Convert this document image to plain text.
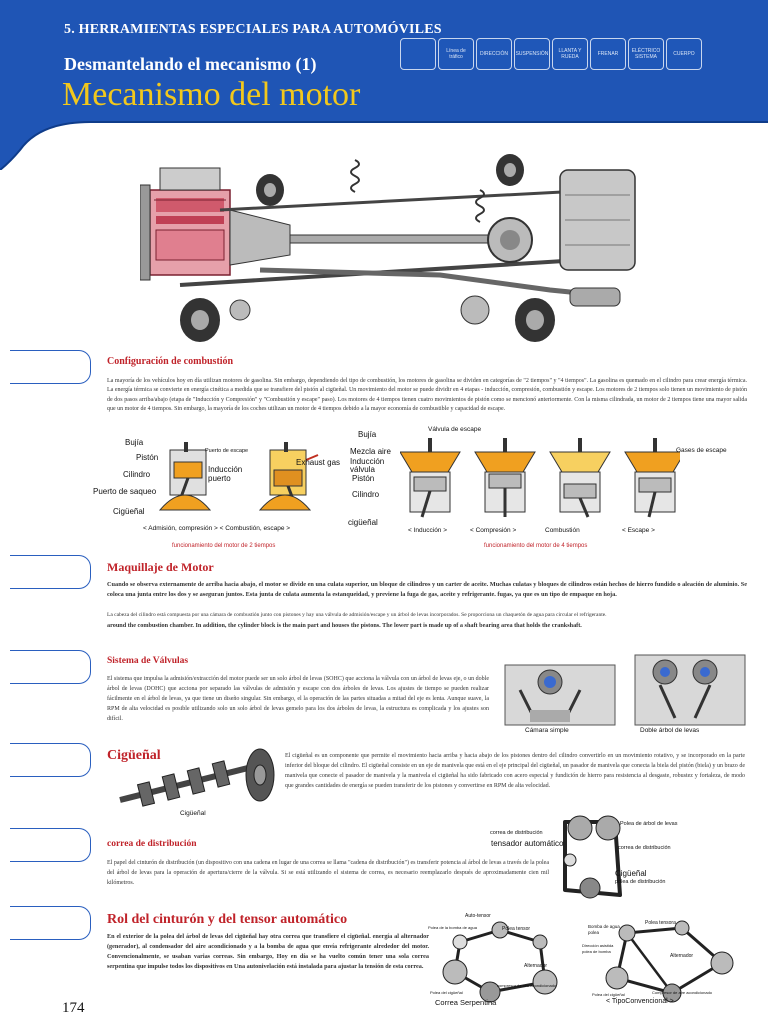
5. HERRAMIENTAS ESPECIALES PARA AUTOMÓVILES
Desmantelando el mecanismo (1)
Mecanismo del motor
Línea de tráfico	DIRECCIÓN	SUSPENSIÓN	LLANTA Y RUEDA	FRENAR	ELÉCTRICO SISTEMA	CUERPO
Configuración de combustión
La mayoría de los vehículos hoy en día utilizan motores de gasolina. Sin embargo, dependiendo del tipo de combustión, los motores de gasolina se dividen en categorías de "2 tiempos" y "4 tiempos". La gasolina es quemado en el cilindro para crear energía térmica. La energía térmica se convierte en energía cinética a medida que se transfiere del pistón al cigüeñal. Un movimiento del motor se puede dividir en 4 etapas - inducción, compresión, combustión y escape. Los motores de 2 tiempos solo tienen un movimiento de pistón de dos pasos arriba/abajo (etapa de "Inducción y Compresión" y "Combustión y escape" paso). Los motores de 4 tiempos tienen cuatro movimientos de pistón como se mencionó anteriormente. Con la misma cilindrada, un motor de 2 tiempos tiene una mayor salida que un motor de 4 tiempos. Sin embargo, la mayoría de los coches utilizan un motor de 4 tiempos debido a la mayor economía de combustible y capacidad de escape.
Bujía
Pistón
Puerto de escape
Exhaust gas
Inducción puerto
Cilindro
Puerto de saqueo
Cigüeñal
< Admisión, compresión > < Combustión, escape >
funcionamiento del motor de 2 tiempos
Bujía
Válvula de escape
Mezcla aire
Inducción válvula
Pistón
Cilindro
cigüeñal
Gases de escape
< Inducción >	< Compresión >	Combustión	< Escape >
funcionamiento del motor de 4 tiempos
Maquillaje de Motor
Cuando se observa externamente de arriba hacia abajo, el motor se divide en una culata superior, un bloque de cilindros y un carter de aceite. Muchas culatas y bloques de cilindros están hechos de hierro fundido o aleación de aluminio. Se coloca una junta entre los dos y se aseguran juntos. Esta junta de culata aumenta la estanqueidad, y previene la fuga de gas, aceite y refrigerante. fugas, ya que es un tipo de empaque en hoja.
La cabeza del cilindro está compuesta por una cámara de combustión junto con pistones y hay una válvula de admisión/escape y un árbol de levas incorporados. Se proporciona un chaquetón de agua para circular el refrigerante.
around the combustion chamber. In addition, the cylinder block is the main part and houses the pistons. The lower part is made up of a shaft bearing area that holds the crankshaft.
Sistema de Válvulas
El sistema que impulsa la admisión/extracción del motor puede ser un solo árbol de levas (SOHC) que acciona la válvula con un árbol de levas eje, o un doble árbol de levas (DOHC) que acciona por separado las válvulas de admisión y escape con dos árboles de levas. Los ajustes de tiempo se pueden realizar fácilmente en el árbol de levas, ya que tiene un diseño singular. Sin embargo, el la operación de las partes situadas a mitad del eje es lenta. Aunque suave, la RPM de alta velocidad es posible utilizando solo un solo árbol de levas gemelo para los dos árboles de levas, la estructura es complicada y los ajustes son difícil.
Cámara simple	Doble árbol de levas
Cigüeñal
Cigüeñal
El cigüeñal es un componente que permite el movimiento hacia arriba y hacia abajo de los pistones dentro del cilindro convertirlo en un movimiento rotativo, y se incorporado en la parte inferior del bloque del cilindro. El cigüeñal consiste en un eje de manivela que está en el eje principal del cigüeñal, un pasador de manivela que conecta la biela del pistón (biela) y un brazo de manivela que conecte el pasador de manivela y la manivela el cigüeñal ha sido fabricado con acero especial y fundición de hierro para resistencia al desgaste, robustez y fortaleza, de modo que grandes cantidades de energía se pueden transferir de los pistones y convertirse en RPM de alta velocidad.
correa de distribución
El papel del cinturón de distribución (un dispositivo con una cadena en lugar de una correa se llama "cadena de distribución") es transferir potencia al árbol de levas a través de la polea del árbol de levas para la operación de apertura/cierre de la válvula. Si se está utilizando el sistema de correa, es necesario reemplazarlo después de aproximadamente cien mil kilómetros.
correa de distribución
tensador automático
Polea de árbol de levas
correa de distribución
Cigüeñal
polea de distribución
Rol del cinturón y del tensor automático
En el exterior de la polea del árbol de levas del cigüeñal hay otra correa que transfiere el cigüeñal. energía al alternador (generador), al condensador del aire acondicionado y a la bomba de agua que envía refrigerante alrededor del motor. Convencionalmente, se usaban varias correas. Sin embargo, Hoy en día se ha vuelto común tener una sola correa serpentina que impulse todos los dispositivos en Una autonivelación está instalada para ajustar la tensión de esta correa.
Auto-tensor
Polea de la bomba de agua	Polea tensor
Alternador
Polea del cigüeñal
compresor de aire acondicionado
Correa Serpentina
Bomba de agua polea
Polea tensora
Dirección asistida polea de bomba
Alternador
Polea del cigüeñal	Compresor de aire acondicionado
< TipoConvencional >
174
